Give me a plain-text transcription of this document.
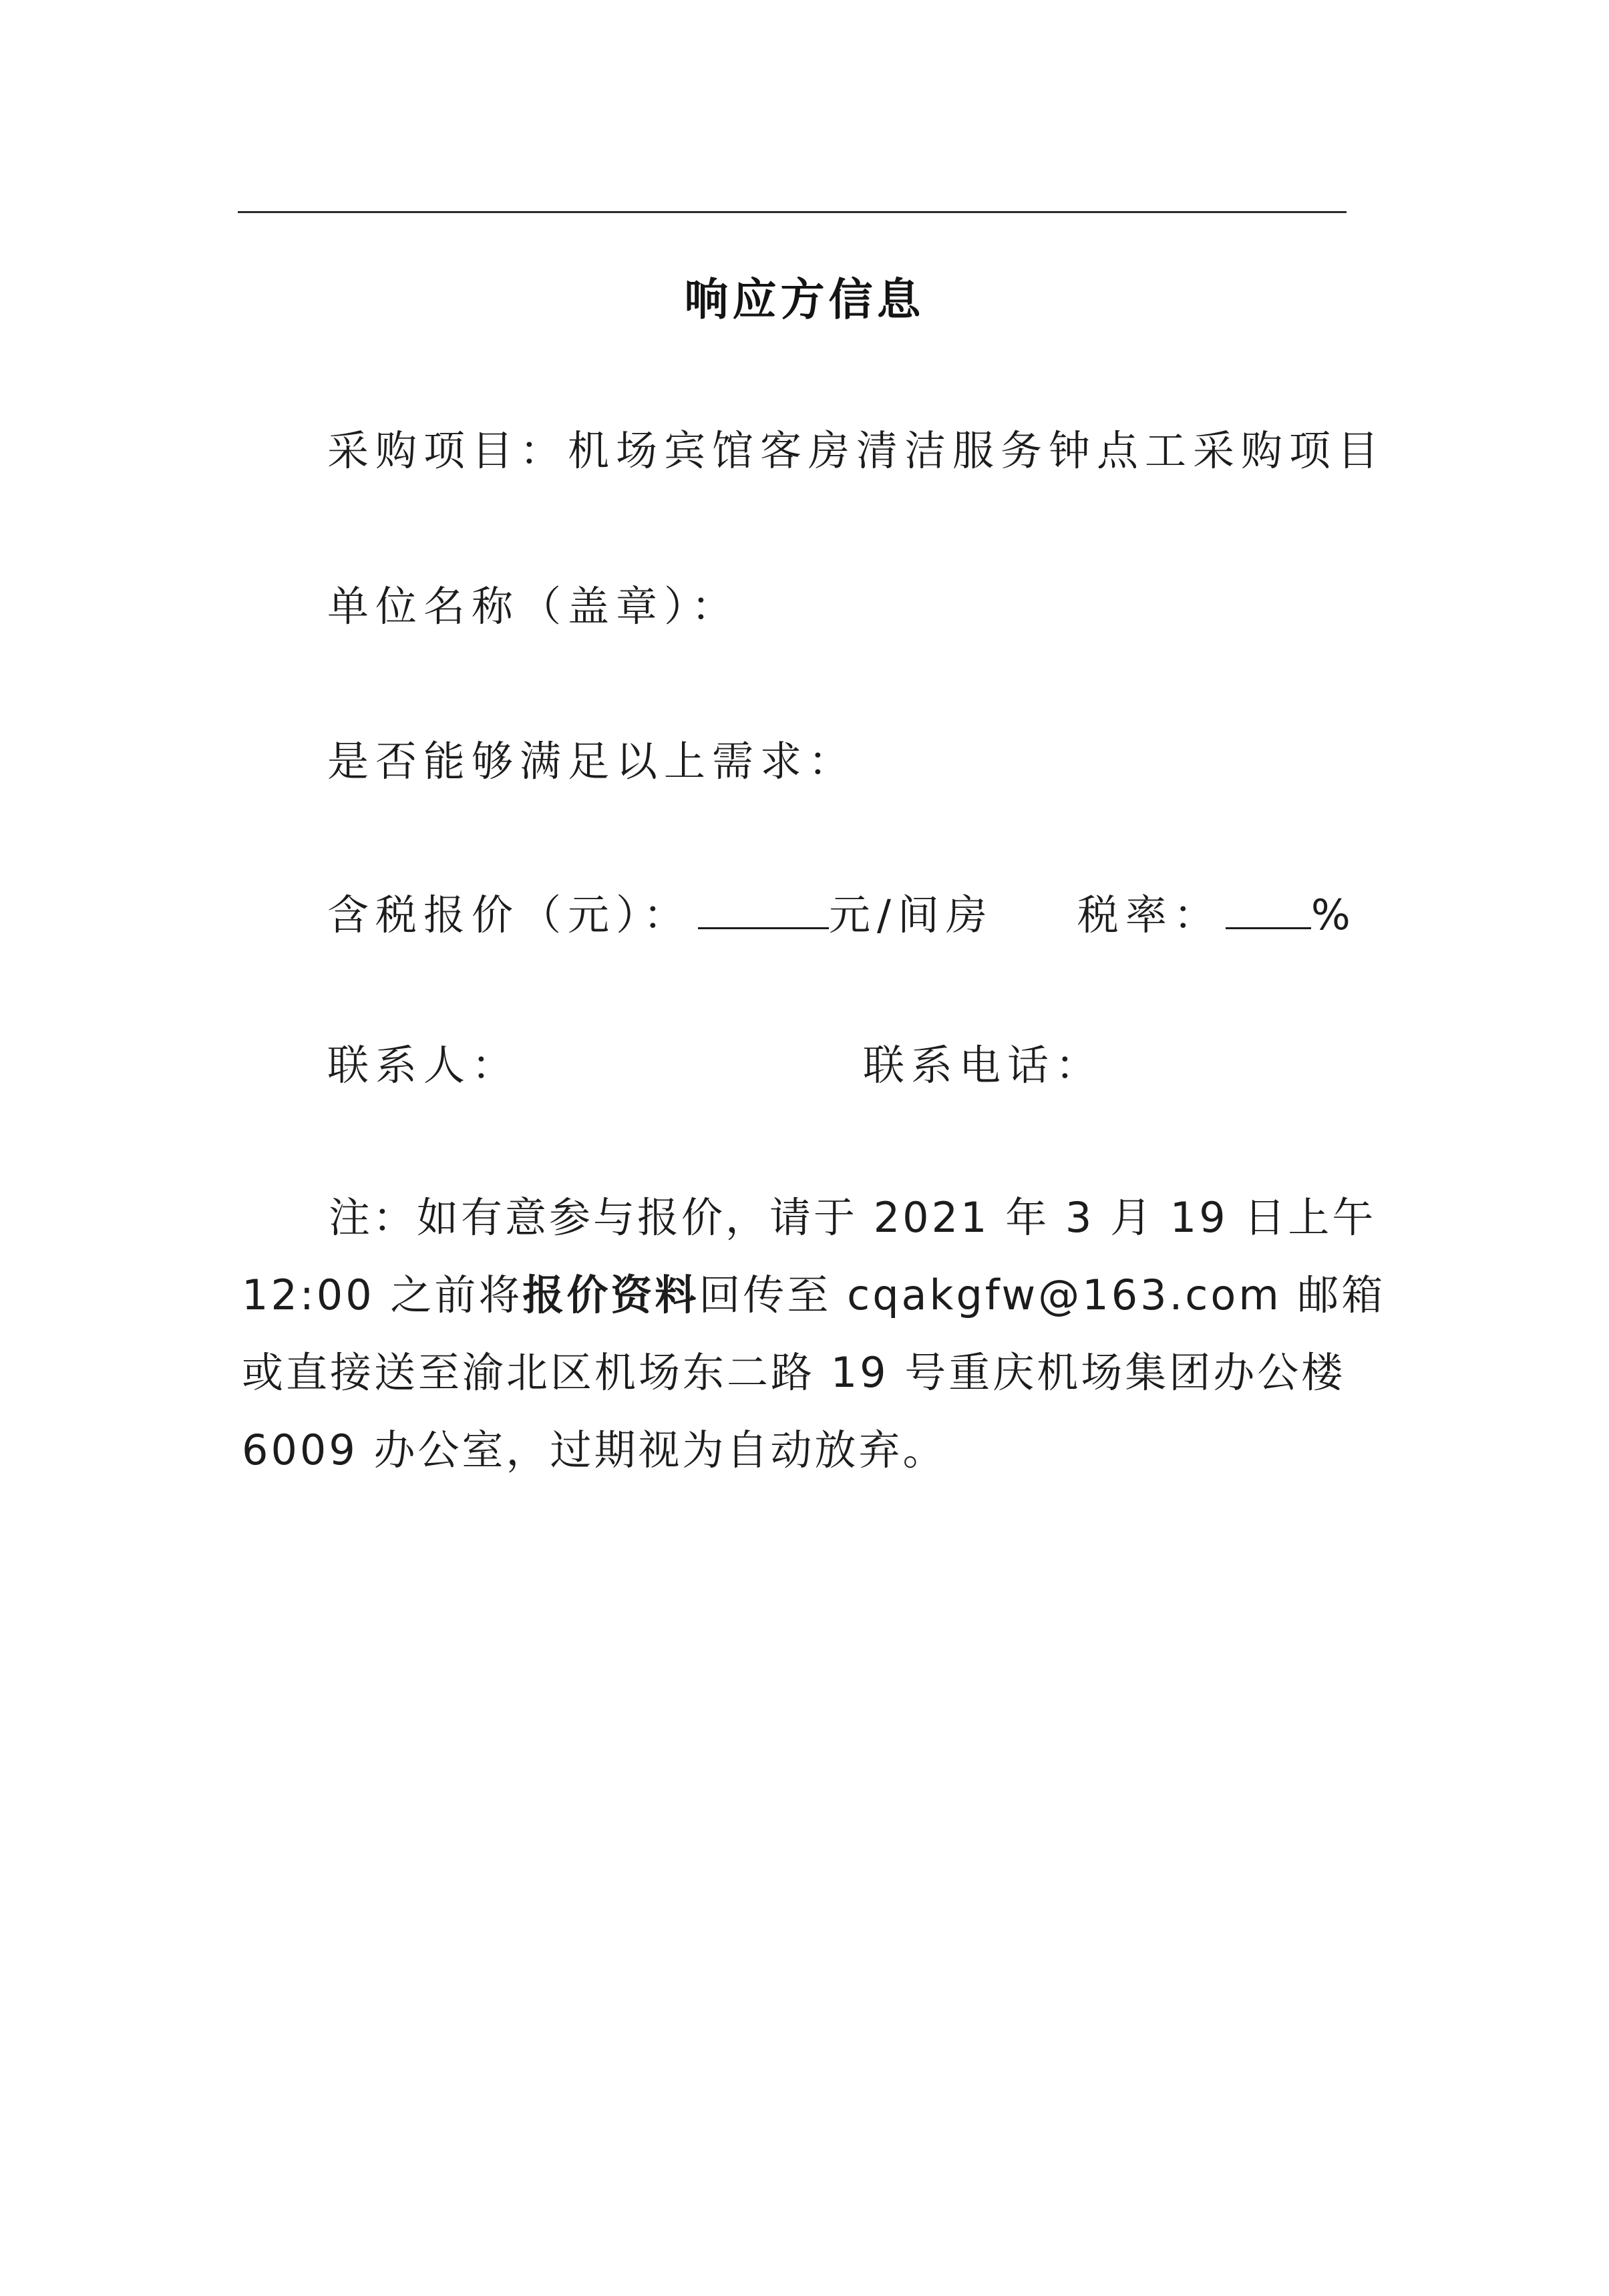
响应方信息
采购项目：机场宾馆客房清洁服务钟点工采购项目
单位名称（盖章）：
是否能够满足以上需求：
含税报价（元）：	元/间房 税率： %
联系人：	联系电话：
注：如有意参与报价，请于 2021 年 3 月 19 日上午 12:00 之前将报价资料回传至 cqakgfw@163.com 邮箱或直接送至渝北区机场东二路 19 号重庆机场集团办公楼 6009 办公室，过期视为自动放弃。
